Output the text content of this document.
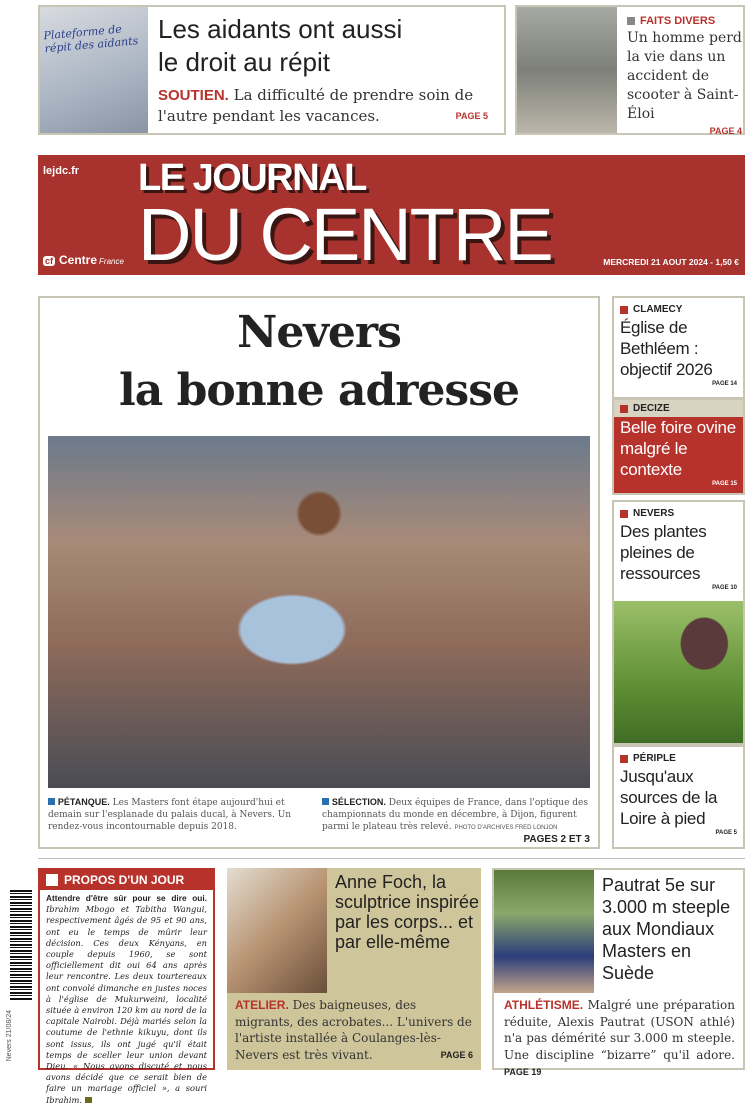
Plateforme de répit des aidants
Les aidants ont aussi
le droit au répit
SOUTIEN. La difficulté de prendre soin de l'autre pendant les vacances.	PAGE 5
FAITS DIVERS
Un homme perd la vie dans un accident de scooter à Saint-Éloi
PAGE 4
lejdc.fr LE JOURNAL
DU CENTRE
cf Centre France	MERCREDI 21 AOUT 2024 - 1,50 €
Nevers
la bonne adresse
PÉTANQUE. Les Masters font étape aujourd'hui et demain sur l'esplanade du palais ducal, à Nevers. Un rendez-vous incontournable depuis 2018.
SÉLECTION. Deux équipes de France, dans l'optique des championnats du monde en décembre, à Dijon, figurent parmi le plateau très relevé. PHOTO D'ARCHIVES FRED LONJON
PAGES 2 ET 3
CLAMECY
Église de Bethléem : objectif 2026
PAGE 14
DECIZE
Belle foire ovine malgré le contexte
PAGE 15
NEVERS
Des plantes pleines de ressources
PAGE 10
PÉRIPLE
Jusqu'aux sources de la Loire à pied
PAGE 5
Nevers 21/08/24
PROPOS D'UN JOUR
Attendre d'être sûr pour se dire oui. Ibrahim Mbogo et Tabitha Wangui, respectivement âgés de 95 et 90 ans, ont eu le temps de mûrir leur décision. Ces deux Kényans, en couple depuis 1960, se sont officiellement dit oui 64 ans après leur rencontre. Les deux tourtereaux ont convolé dimanche en justes noces à l'église de Mukurweini, localité située à environ 120 km au nord de la capitale Nairobi. Déjà mariés selon la coutume de l'ethnie kikuyu, dont ils sont issus, ils ont jugé qu'il était temps de sceller leur union devant Dieu. « Nous avons discuté et nous avons décidé que ce serait bien de faire un mariage officiel », a souri Ibrahim.
Anne Foch, la sculptrice inspirée par les corps... et par elle-même
ATELIER. Des baigneuses, des migrants, des acrobates... L'univers de l'artiste installée à Coulanges-lès-Nevers est très vivant.	PAGE 6
Pautrat 5e sur 3.000 m steeple aux Mondiaux Masters en Suède
ATHLÉTISME. Malgré une préparation réduite, Alexis Pautrat (USON athlé) n'a pas démérité sur 3.000 m steeple. Une discipline “bizarre” qu'il adore. PAGE 19
